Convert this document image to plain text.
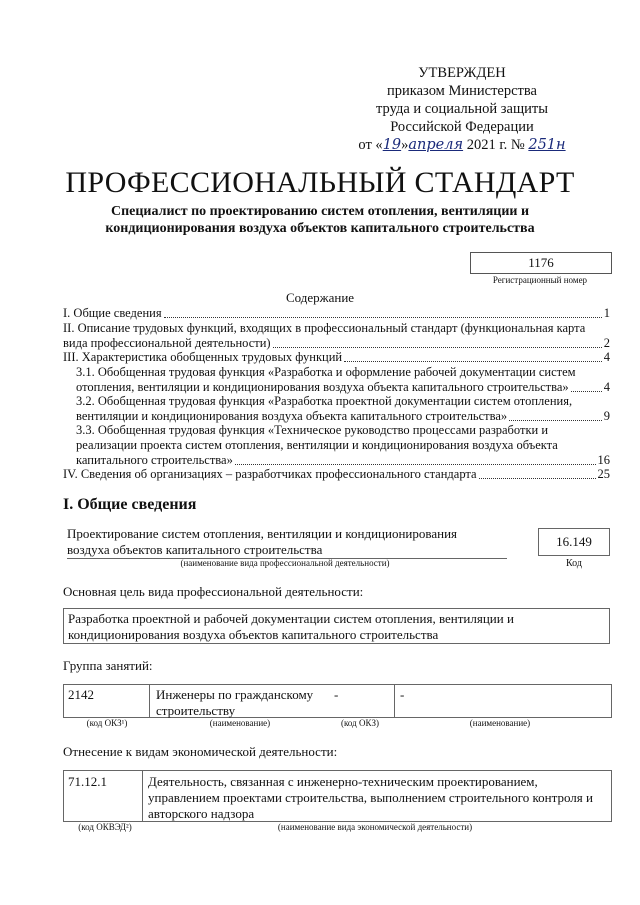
УТВЕРЖДЕН
приказом Министерства
труда и социальной защиты
Российской Федерации
от «19»апреля 2021 г. № 251н
ПРОФЕССИОНАЛЬНЫЙ СТАНДАРТ
Специалист по проектированию систем отопления, вентиляции и кондиционирования воздуха объектов капитального строительства
1176
Регистрационный номер
Содержание
I. Общие сведения	1
II. Описание трудовых функций, входящих в профессиональный стандарт (функциональная карта
вида профессиональной деятельности)	2
III. Характеристика обобщенных трудовых функций	4
3.1. Обобщенная трудовая функция «Разработка и оформление рабочей документации систем
отопления, вентиляции и кондиционирования воздуха объекта капитального строительства»	4
3.2. Обобщенная трудовая функция «Разработка проектной документации систем отопления,
вентиляции и кондиционирования воздуха объекта капитального строительства»	9
3.3. Обобщенная трудовая функция «Техническое руководство процессами разработки и
реализации проекта систем отопления, вентиляции и кондиционирования воздуха объекта
капитального строительства»	16
IV. Сведения об организациях – разработчиках профессионального стандарта	25
I. Общие сведения
Проектирование систем отопления, вентиляции и кондиционирования
воздуха объектов капитального строительства
(наименование вида профессиональной деятельности)
16.149
Код
Основная цель вида профессиональной деятельности:
Разработка проектной и рабочей документации систем отопления, вентиляции и
кондиционирования воздуха объектов капитального строительства
Группа занятий:
2142	Инженеры по гражданскому
строительству
-	-
(код ОКЗ¹)	(наименование)	(код ОКЗ)	(наименование)
Отнесение к видам экономической деятельности:
71.12.1	Деятельность, связанная с инженерно-техническим проектированием,
управлением проектами строительства, выполнением строительного контроля и
авторского надзора
(код ОКВЭД²)	(наименование вида экономической деятельности)
